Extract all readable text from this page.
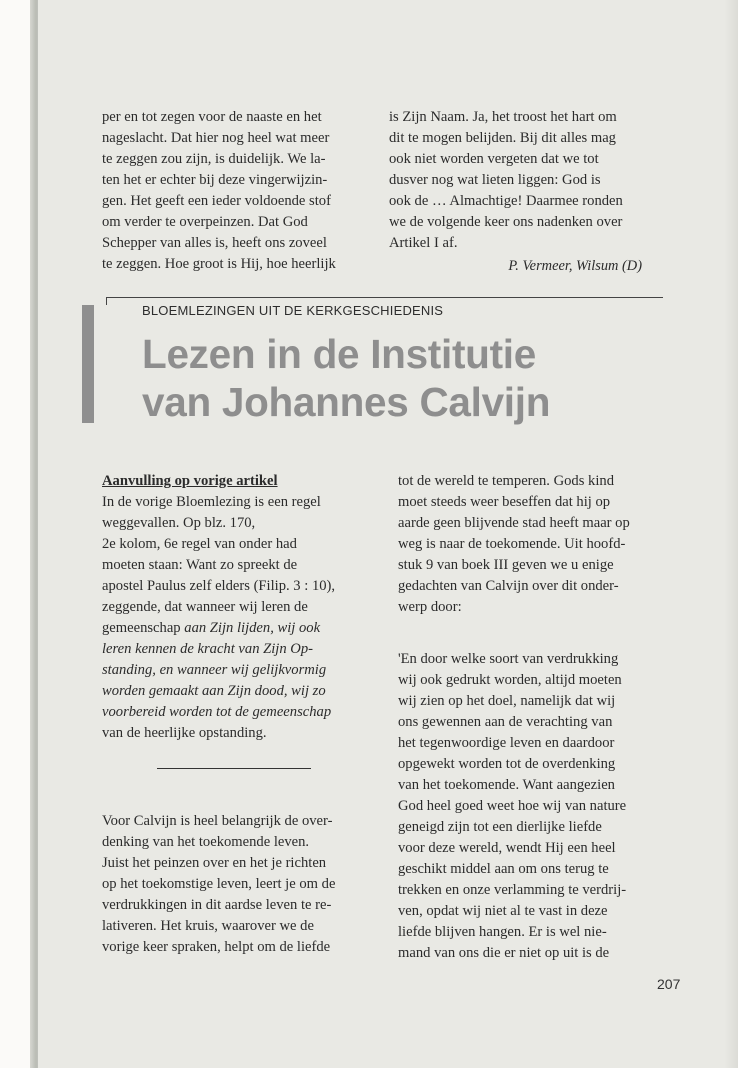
per en tot zegen voor de naaste en het

nageslacht. Dat hier nog heel wat meer

te zeggen zou zijn, is duidelijk. We la-

ten het er echter bij deze vingerwijzin-

gen. Het geeft een ieder voldoende stof

om verder te overpeinzen. Dat God

Schepper van alles is, heeft ons zoveel

te zeggen. Hoe groot is Hij, hoe heerlijk

is Zijn Naam. Ja, het troost het hart om

dit te mogen belijden. Bij dit alles mag

ook niet worden vergeten dat we tot

dusver nog wat lieten liggen: God is

ook de … Almachtige! Daarmee ronden

we de volgende keer ons nadenken over

Artikel I af.

P. Vermeer, Wilsum (D)
BLOEMLEZINGEN UIT DE KERKGESCHIEDENIS
Lezen in de Institutie
van Johannes Calvijn

Aanvulling op vorige artikel

In de vorige Bloemlezing is een regel

weggevallen. Op blz. 170,

2e kolom, 6e regel van onder had

moeten staan: Want zo spreekt de

apostel Paulus zelf elders (Filip. 3 : 10),

zeggende, dat wanneer wij leren de

gemeenschap aan Zijn lijden, wij ook

leren kennen de kracht van Zijn Op-

standing, en wanneer wij gelijkvormig

worden gemaakt aan Zijn dood, wij zo

voorbereid worden tot de gemeenschap

van de heerlijke opstanding.

Voor Calvijn is heel belangrijk de over-

denking van het toekomende leven.

Juist het peinzen over en het je richten

op het toekomstige leven, leert je om de

verdrukkingen in dit aardse leven te re-

lativeren. Het kruis, waarover we de

vorige keer spraken, helpt om de liefde

tot de wereld te temperen. Gods kind

moet steeds weer beseffen dat hij op

aarde geen blijvende stad heeft maar op

weg is naar de toekomende. Uit hoofd-

stuk 9 van boek III geven we u enige

gedachten van Calvijn over dit onder-

werp door:

'En door welke soort van verdrukking

wij ook gedrukt worden, altijd moeten

wij zien op het doel, namelijk dat wij

ons gewennen aan de verachting van

het tegenwoordige leven en daardoor

opgewekt worden tot de overdenking

van het toekomende. Want aangezien

God heel goed weet hoe wij van nature

geneigd zijn tot een dierlijke liefde

voor deze wereld, wendt Hij een heel

geschikt middel aan om ons terug te

trekken en onze verlamming te verdrij-

ven, opdat wij niet al te vast in deze

liefde blijven hangen. Er is wel nie-

mand van ons die er niet op uit is de

207
